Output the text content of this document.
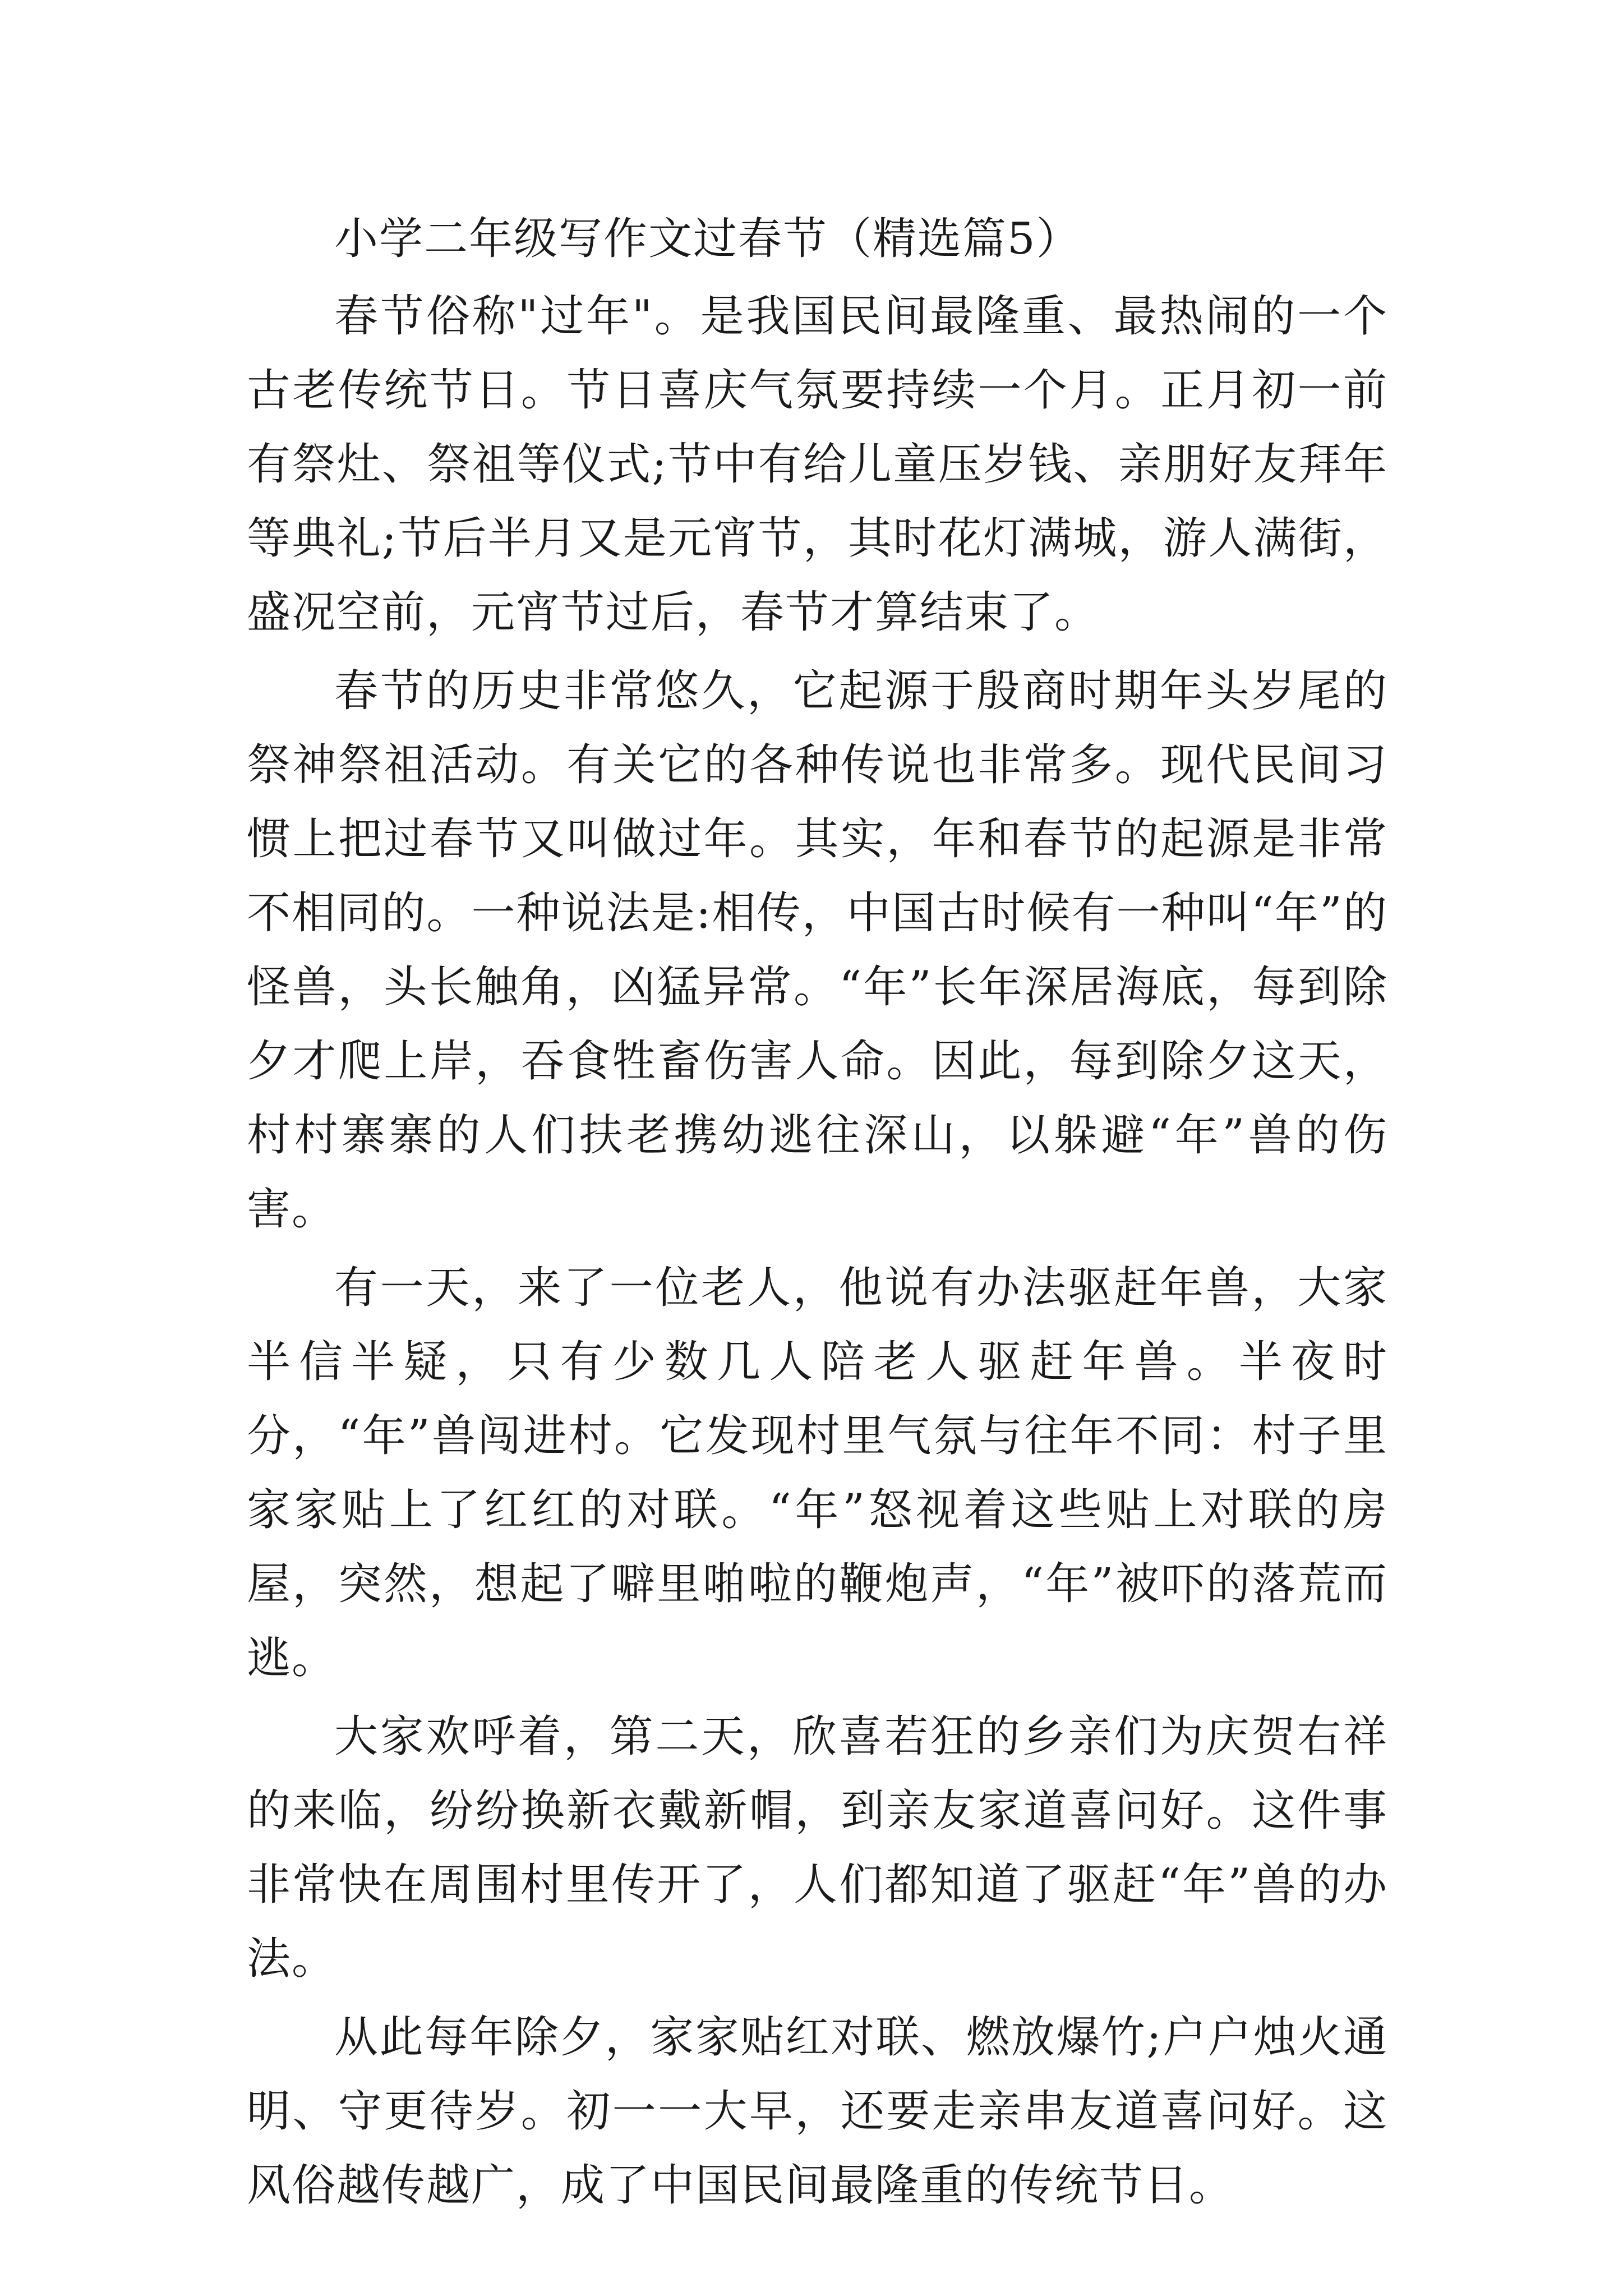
小学二年级写作文过春节（精选篇5）

春节俗称"过年"。是我国民间最隆重、最热闹的一个古老传统节日。节日喜庆气氛要持续一个月。正月初一前有祭灶、祭祖等仪式;节中有给儿童压岁钱、亲朋好友拜年等典礼;节后半月又是元宵节，其时花灯满城，游人满街，盛况空前，元宵节过后，春节才算结束了。

春节的历史非常悠久，它起源于殷商时期年头岁尾的祭神祭祖活动。有关它的各种传说也非常多。现代民间习惯上把过春节又叫做过年。其实，年和春节的起源是非常不相同的。一种说法是:相传，中国古时候有一种叫“年”的怪兽，头长触角，凶猛异常。“年”长年深居海底，每到除夕才爬上岸，吞食牲畜伤害人命。因此，每到除夕这天，村村寨寨的人们扶老携幼逃往深山，以躲避“年”兽的伤害。

有一天，来了一位老人，他说有办法驱赶年兽，大家半信半疑，只有少数几人陪老人驱赶年兽。半夜时分，“年”兽闯进村。它发现村里气氛与往年不同：村子里家家贴上了红红的对联。“年”怒视着这些贴上对联的房屋，突然，想起了噼里啪啦的鞭炮声，“年”被吓的落荒而逃。

大家欢呼着，第二天，欣喜若狂的乡亲们为庆贺右祥的来临，纷纷换新衣戴新帽，到亲友家道喜问好。这件事非常快在周围村里传开了，人们都知道了驱赶“年”兽的办法。

从此每年除夕，家家贴红对联、燃放爆竹;户户烛火通明、守更待岁。初一一大早，还要走亲串友道喜问好。这风俗越传越广，成了中国民间最隆重的传统节日。
